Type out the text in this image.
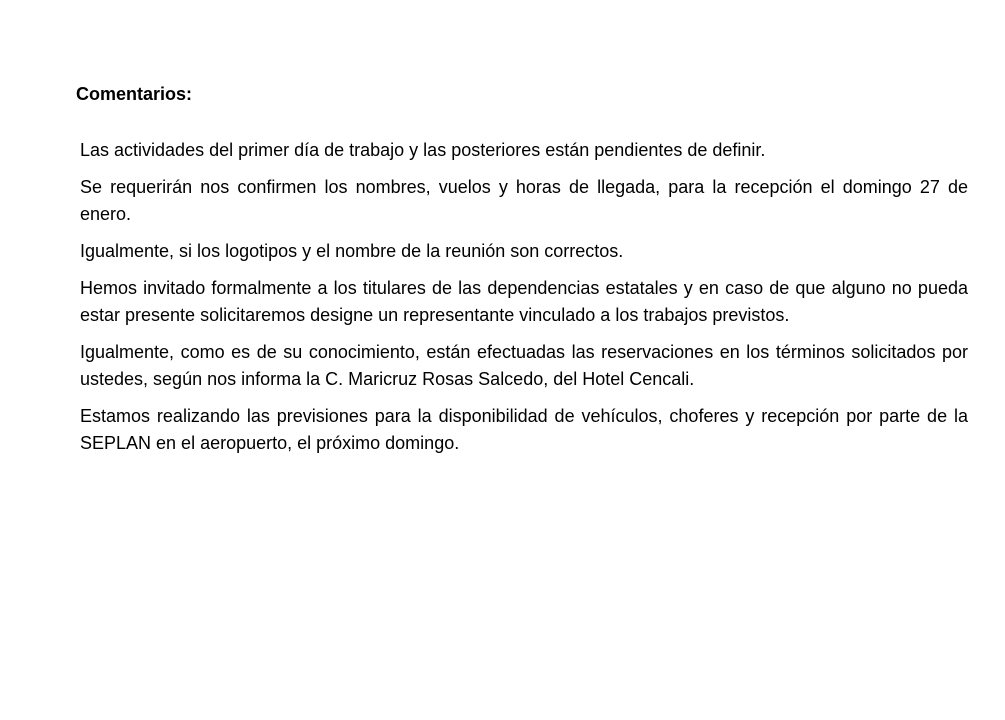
Comentarios:

Las actividades del primer día de trabajo y las posteriores están pendientes de definir.

Se requerirán nos confirmen los nombres, vuelos y horas de llegada, para la recepción el domingo 27 de enero.

Igualmente, si los logotipos y el nombre de la reunión son correctos.

Hemos invitado formalmente a los titulares de las dependencias estatales y en caso de que alguno no pueda estar presente solicitaremos designe un representante vinculado a los trabajos previstos.

Igualmente, como es de su conocimiento, están efectuadas las reservaciones en los términos solicitados por ustedes, según nos informa la C. Maricruz Rosas Salcedo, del Hotel Cencali.

Estamos realizando las previsiones para la disponibilidad de vehículos, choferes y recepción por parte de la SEPLAN en el aeropuerto, el próximo domingo.
